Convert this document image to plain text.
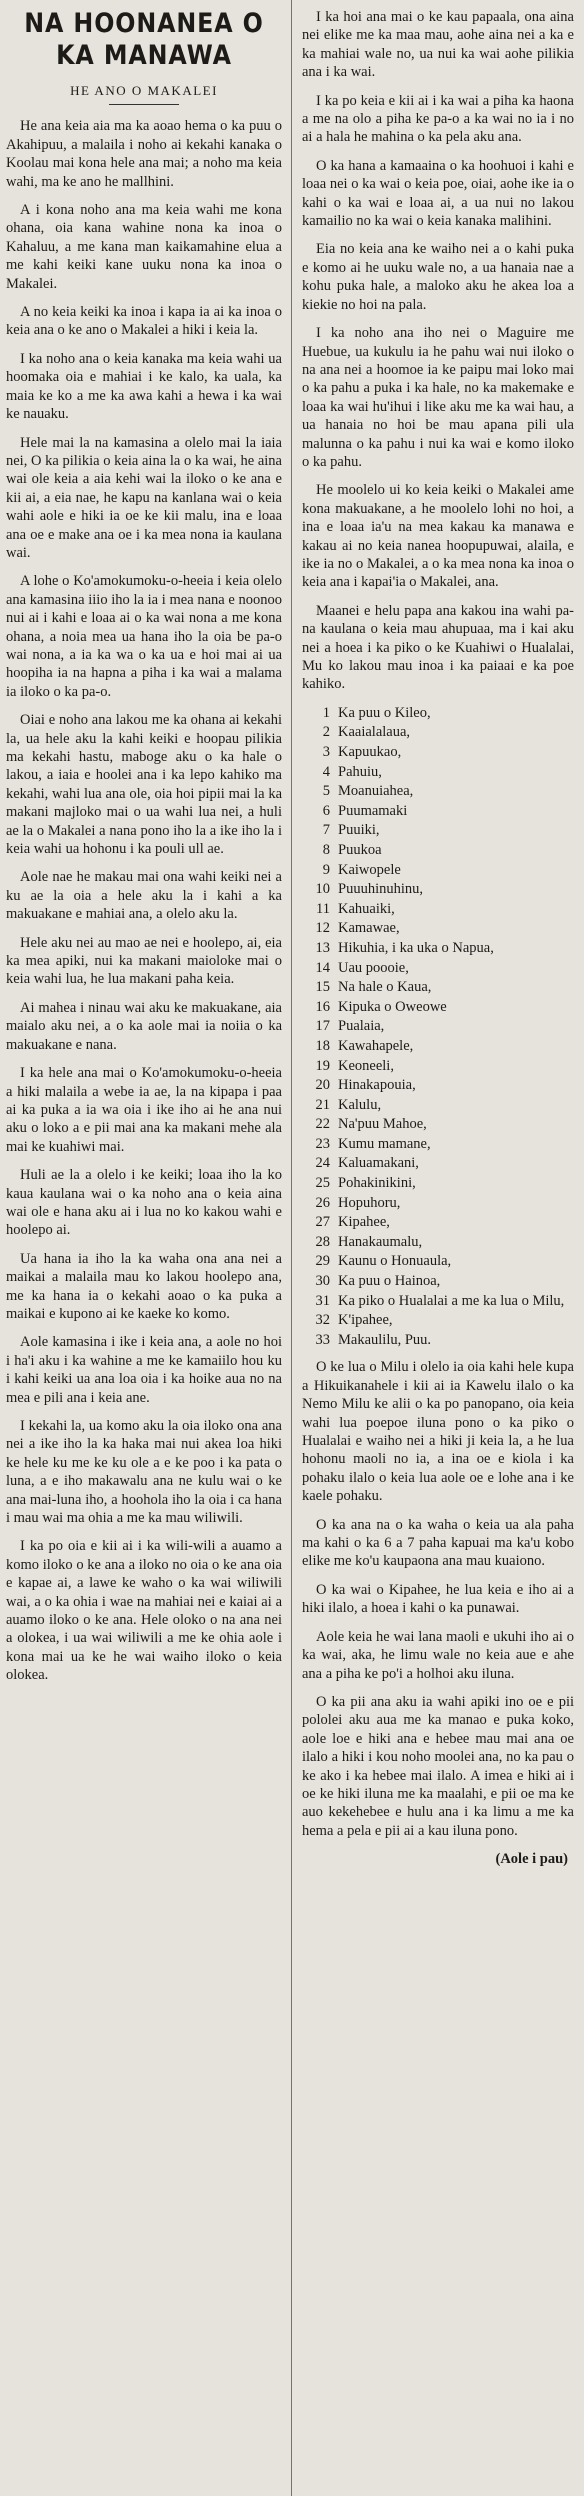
NA HOONANEA O KA MANAWA
HE ANO O MAKALEI

He ana keia aia ma ka aoao hema o ka puu o Akahipuu, a malaila i noho ai kekahi kanaka o Koolau mai kona hele ana mai; a noho ma keia wahi, ma ke ano he mallhini.

A i kona noho ana ma keia wahi me kona ohana, oia kana wahine nona ka inoa o Kahaluu, a me kana man kaikamahine elua a me kahi keiki kane uuku nona ka inoa o Makalei.

A no keia keiki ka inoa i kapa ia ai ka inoa o keia ana o ke ano o Makalei a hiki i keia la.

I ka noho ana o keia kanaka ma keia wahi ua hoomaka oia e mahiai i ke kalo, ka uala, ka maia ke ko a me ka awa kahi a hewa i ka wai ke nauaku.

Hele mai la na kamasina a olelo mai la iaia nei, O ka pilikia o keia aina la o ka wai, he aina wai ole keia a aia kehi wai la iloko o ke ana e kii ai, a eia nae, he kapu na kanlana wai o keia wahi aole e hiki ia oe ke kii malu, ina e loaa ana oe e make ana oe i ka mea nona ia kaulana wai.

A lohe o Ko'amokumoku-o-heeia i keia olelo ana kamasina iiio iho la ia i mea nana e noonoo nui ai i kahi e loaa ai o ka wai nona a me kona ohana, a noia mea ua hana iho la oia be pa-o wai nona, a ia ka wa o ka ua e hoi mai ai ua hoopiha ia na hapna a piha i ka wai a malama ia iloko o ka pa-o.

Oiai e noho ana lakou me ka ohana ai kekahi la, ua hele aku la kahi keiki e hoopau pilikia ma kekahi hastu, maboge aku o ka hale o lakou, a iaia e hoolei ana i ka lepo kahiko ma kekahi, wahi lua ana ole, oia hoi pipii mai la ka makani majloko mai o ua wahi lua nei, a huli ae la o Makalei a nana pono iho la a ike iho la i keia wahi ua hohonu i ka pouli ull ae.

Aole nae he makau mai ona wahi keiki nei a ku ae la oia a hele aku la i kahi a ka makuakane e mahiai ana, a olelo aku la.

Hele aku nei au mao ae nei e hoolepo, ai, eia ka mea apiki, nui ka makani maioloke mai o keia wahi lua, he lua makani paha keia.

Ai mahea i ninau wai aku ke makuakane, aia maialo aku nei, a o ka aole mai ia noiia o ka makuakane e nana.

I ka hele ana mai o Ko'amokumoku-o-heeia a hiki malaila a webe ia ae, la na kipapa i paa ai ka puka a ia wa oia i ike iho ai he ana nui aku o loko a e pii mai ana ka makani mehe ala mai ke kuahiwi mai.

Huli ae la a olelo i ke keiki; loaa iho la ko kaua kaulana wai o ka noho ana o keia aina wai ole e hana aku ai i lua no ko kakou wahi e hoolepo ai.

Ua hana ia iho la ka waha ona ana nei a maikai a malaila mau ko lakou hoolepo ana, me ka hana ia o kekahi aoao o ka puka a maikai e kupono ai ke kaeke ko komo.

Aole kamasina i ike i keia ana, a aole no hoi i ha'i aku i ka wahine a me ke kamaiilo hou ku i kahi keiki ua ana loa oia i ka hoike aua no na mea e pili ana i keia ane.

I kekahi la, ua komo aku la oia iloko ona ana nei a ike iho la ka haka mai nui akea loa hiki ke hele ku me ke ku ole a e ke poo i ka pata o luna, a e iho makawalu ana ne kulu wai o ke ana mai-luna iho, a hoohola iho la oia i ca hana i mau wai ma ohia a me ka mau wiliwili.

I ka po oia e kii ai i ka wili-wili a auamo a komo iloko o ke ana a iloko no oia o ke ana oia e kapae ai, a lawe ke waho o ka wai wiliwili wai, a o ka ohia i wae na mahiai nei e kaiai ai a auamo iloko o ke ana. Hele oloko o na ana nei a olokea, i ua wai wiliwili a me ke ohia aole i kona mai ua ke he wai waiho iloko o keia olokea.

I ka hoi ana mai o ke kau papaala, ona aina nei elike me ka maa mau, aohe aina nei a ka e ka mahiai wale no, ua nui ka wai aohe pilikia ana i ka wai.

I ka po keia e kii ai i ka wai a piha ka haona a me na olo a piha ke pa-o a ka wai no ia i no ai a hala he mahina o ka pela aku ana.

O ka hana a kamaaina o ka hoohuoi i kahi e loaa nei o ka wai o keia poe, oiai, aohe ike ia o kahi o ka wai e loaa ai, a ua nui no lakou kamailio no ka wai o keia kanaka malihini.

Eia no keia ana ke waiho nei a o kahi puka e komo ai he uuku wale no, a ua hanaia nae a kohu puka hale, a maloko aku he akea loa a kiekie no hoi na pala.

I ka noho ana iho nei o Maguire me Huebue, ua kukulu ia he pahu wai nui iloko o na ana nei a hoomoe ia ke paipu mai loko mai o ka pahu a puka i ka hale, no ka makemake e loaa ka wai hu'ihui i like aku me ka wai hau, a ua hanaia no hoi be mau apana pili ula malunna o ka pahu i nui ka wai e komo iloko o ka pahu.

He moolelo ui ko keia keiki o Makalei ame kona makuakane, a he moolelo lohi no hoi, a ina e loaa ia'u na mea kakau ka manawa e kakau ai no keia nanea hoopupuwai, alaila, e ike ia no o Makalei, a o ka mea nona ka inoa o keia ana i kapai'ia o Makalei, ana.

Maanei e helu papa ana kakou ina wahi pa-na kaulana o keia mau ahupuaa, ma i kai aku nei a hoea i ka piko o ke Kuahiwi o Hualalai, Mu ko lakou mau inoa i ka paiaai e ka poe kahiko.

1 Ka puu o Kileo,
2 Kaaialalaua,
3 Kapuukao,
4 Pahuiu,
5 Moanuiahea,
6 Puumamaki
7 Puuiki,
8 Puukoa
9 Kaiwopele
10 Puuuhinuhinu,
11 Kahuaiki,
12 Kamawae,
13 Hikuhia, i ka uka o Napua,
14 Uau poooie,
15 Na hale o Kaua,
16 Kipuka o Oweowe
17 Pualaia,
18 Kawahapele,
19 Keoneeli,
20 Hinakapouia,
21 Kalulu,
22 Na'puu Mahoe,
23 Kumu mamane,
24 Kaluamakani,
25 Pohakinikini,
26 Hopuhoru,
27 Kipahee,
28 Hanakaumalu,
29 Kaunu o Honuaula,
30 Ka puu o Hainoa,
31 Ka piko o Hualalai a me ka lua o Milu,
32 K'ipahee,
33 Makaulilu, Puu.

O ke lua o Milu i olelo ia oia kahi hele kupa a Hikuikanahele i kii ai ia Kawelu ilalo o ka Nemo Milu ke alii o ka po panopano, oia keia wahi lua poepoe iluna pono o ka piko o Hualalai e waiho nei a hiki ji keia la, a he lua hohonu maoli no ia, a ina oe e kiola i ka pohaku ilalo o keia lua aole oe e lohe ana i ke kaele pohaku.

O ka ana na o ka waha o keia ua ala paha ma kahi o ka 6 a 7 paha kapuai ma ka'u kobo elike me ko'u kaupaona ana mau kuaiono.

O ka wai o Kipahee, he lua keia e iho ai a hiki ilalo, a hoea i kahi o ka punawai.

Aole keia he wai lana maoli e ukuhi iho ai o ka wai, aka, he limu wale no keia aue e ahe ana a piha ke po'i a holhoi aku iluna.

O ka pii ana aku ia wahi apiki ino oe e pii pololei aku aua me ka manao e puka koko, aole loe e hiki ana e hebee mau mai ana oe ilalo a hiki i kou noho moolei ana, no ka pau o ke ako i ka hebee mai ilalo. A imea e hiki ai i oe ke hiki iluna me ka maalahi, e pii oe ma ke auo kekehebee e hulu ana i ka limu a me ka hema a pela e pii ai a kau iluna pono.

(Aole i pau)
